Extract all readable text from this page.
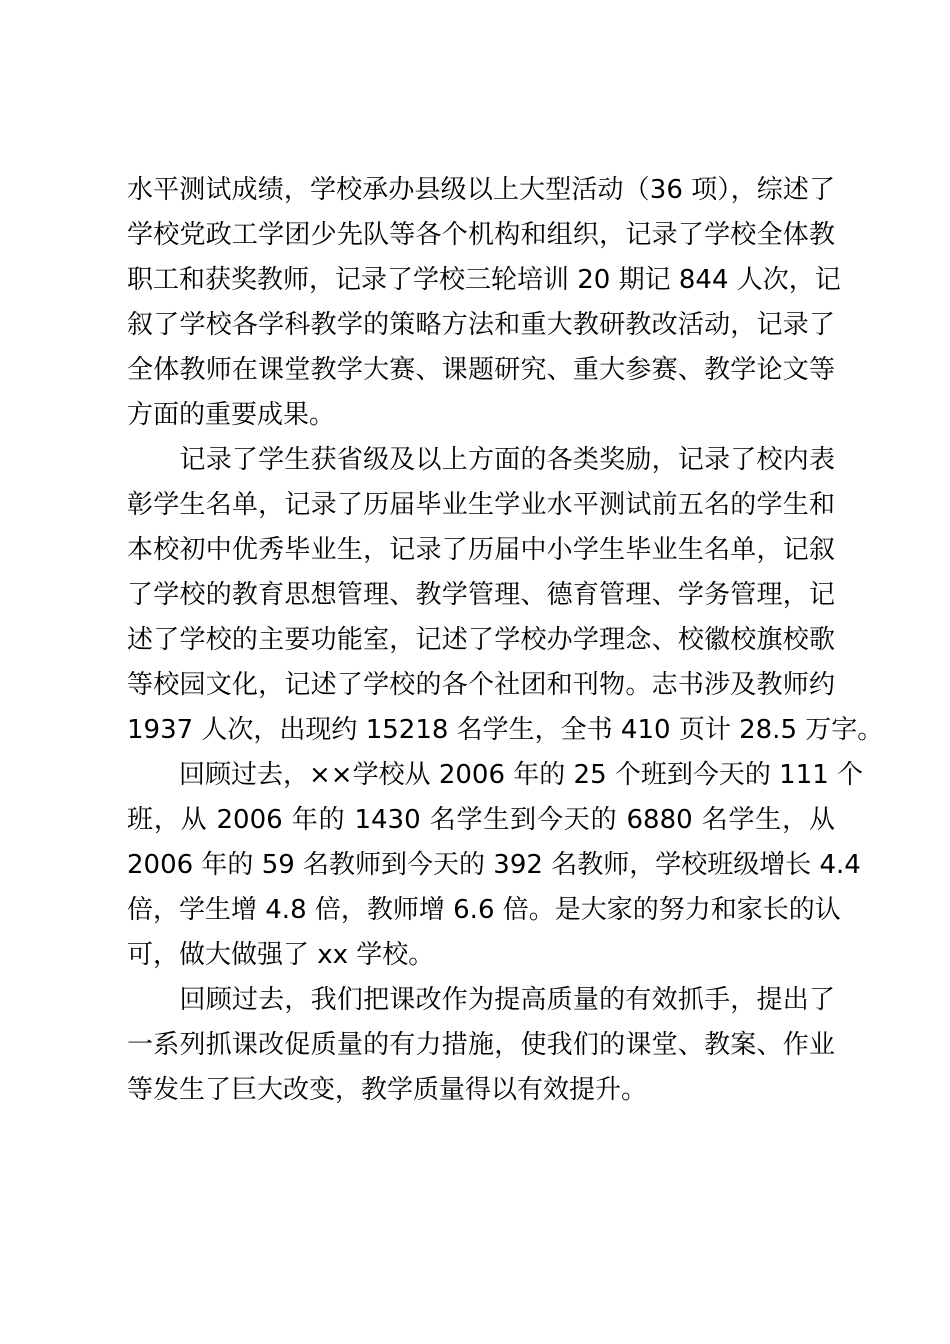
水平测试成绩，学校承办县级以上大型活动（36 项），综述了
学校党政工学团少先队等各个机构和组织，记录了学校全体教
职工和获奖教师，记录了学校三轮培训 20 期记 844 人次，记
叙了学校各学科教学的策略方法和重大教研教改活动，记录了
全体教师在课堂教学大赛、课题研究、重大参赛、教学论文等
方面的重要成果。
　　记录了学生获省级及以上方面的各类奖励，记录了校内表
彰学生名单，记录了历届毕业生学业水平测试前五名的学生和
本校初中优秀毕业生，记录了历届中小学生毕业生名单，记叙
了学校的教育思想管理、教学管理、德育管理、学务管理，记
述了学校的主要功能室，记述了学校办学理念、校徽校旗校歌
等校园文化，记述了学校的各个社团和刊物。志书涉及教师约
1937 人次，出现约 15218 名学生，全书 410 页计 28.5 万字。
　　回顾过去，××学校从 2006 年的 25 个班到今天的 111 个
班，从 2006 年的 1430 名学生到今天的 6880 名学生，从
2006 年的 59 名教师到今天的 392 名教师，学校班级增长 4.4
倍，学生增 4.8 倍，教师增 6.6 倍。是大家的努力和家长的认
可，做大做强了 xx 学校。
　　回顾过去，我们把课改作为提高质量的有效抓手，提出了
一系列抓课改促质量的有力措施，使我们的课堂、教案、作业
等发生了巨大改变，教学质量得以有效提升。
